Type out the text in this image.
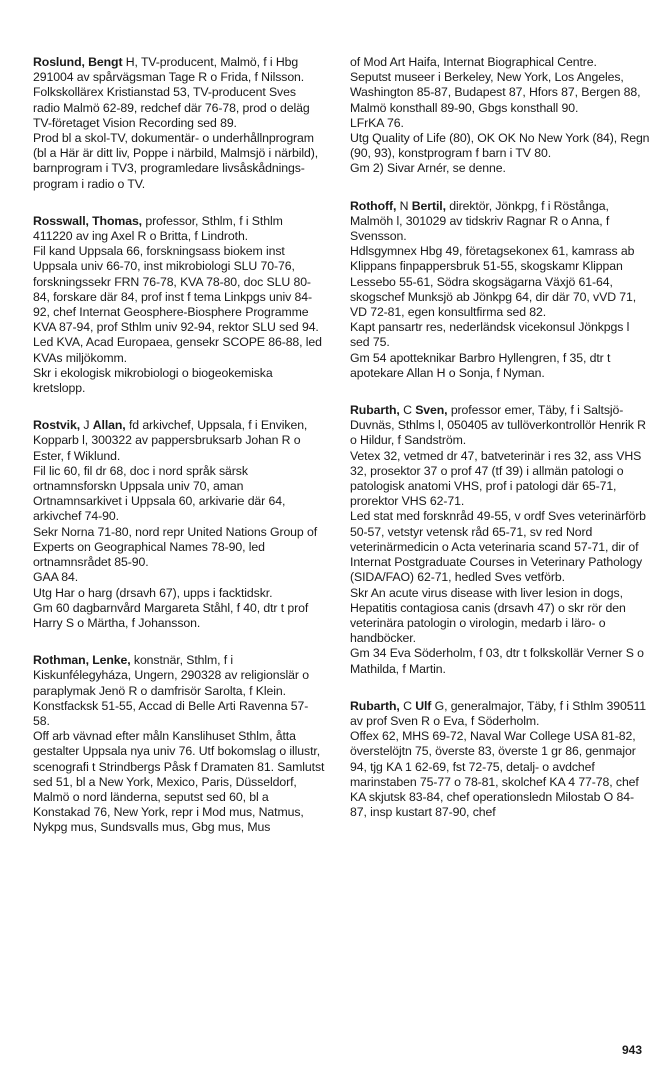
Roslund, Bengt H, TV-producent, Malmö, f i Hbg 291004 av spårvägsman Tage R o Frida, f Nilsson.

Folkskollärex Kristianstad 53, TV-producent Sves radio Malmö 62-89, redchef där 76-78, prod o deläg TV-företaget Vision Recording sed 89.

Prod bl a skol-TV, dokumentär- o underhållnprogram (bl a Här är ditt liv, Poppe i närbild, Malmsjö i närbild), barnprogram i TV3, programledare livsåskådnings-program i radio o TV.

Rosswall, Thomas, professor, Sthlm, f i Sthlm 411220 av ing Axel R o Britta, f Lindroth.

Fil kand Uppsala 66, forskningsass biokem inst Uppsala univ 66-70, inst mikrobiologi SLU 70-76, forskningssekr FRN 76-78, KVA 78-80, doc SLU 80-84, forskare där 84, prof inst f tema Linkpgs univ 84-92, chef Internat Geosphere-Biosphere Programme KVA 87-94, prof Sthlm univ 92-94, rektor SLU sed 94.

Led KVA, Acad Europaea, gensekr SCOPE 86-88, led KVAs miljökomm.

Skr i ekologisk mikrobiologi o biogeokemiska kretslopp.

Rostvik, J Allan, fd arkivchef, Uppsala, f i Enviken, Kopparb l, 300322 av pappersbruksarb Johan R o Ester, f Wiklund.

Fil lic 60, fil dr 68, doc i nord språk särsk ortnamnsforskn Uppsala univ 70, aman Ortnamnsarkivet i Uppsala 60, arkivarie där 64, arkivchef 74-90.

Sekr Norna 71-80, nord repr United Nations Group of Experts on Geographical Names 78-90, led ortnamnsrådet 85-90.

GAA 84.

Utg Har o harg (drsavh 67), upps i facktidskr.

Gm 60 dagbarnvård Margareta Ståhl, f 40, dtr t prof Harry S o Märtha, f Johansson.

Rothman, Lenke, konstnär, Sthlm, f i Kiskunfélegyháza, Ungern, 290328 av religionslär o paraplymak Jenö R o damfrisör Sarolta, f Klein.

Konstfacksk 51-55, Accad di Belle Arti Ravenna 57-58.

Off arb vävnad efter måln Kanslihuset Sthlm, åtta gestalter Uppsala nya univ 76. Utf bokomslag o illustr, scenografi t Strindbergs Påsk f Dramaten 81. Samlutst sed 51, bl a New York, Mexico, Paris, Düsseldorf, Malmö o nord länderna, seputst sed 60, bl a Konstakad 76, New York, repr i Mod mus, Natmus, Nykpg mus, Sundsvalls mus, Gbg mus, Mus

of Mod Art Haifa, Internat Biographical Centre.

Seputst museer i Berkeley, New York, Los Angeles, Washington 85-87, Budapest 87, Hfors 87, Bergen 88, Malmö konsthall 89-90, Gbgs konsthall 90.

LFrKA 76.

Utg Quality of Life (80), OK OK No New York (84), Regn (90, 93), konstprogram f barn i TV 80.

Gm 2) Sivar Arnér, se denne.

Rothoff, N Bertil, direktör, Jönkpg, f i Röstånga, Malmöh l, 301029 av tidskriv Ragnar R o Anna, f Svensson.

Hdlsgymnex Hbg 49, företagsekonex 61, kamrass ab Klippans finpappersbruk 51-55, skogskamr Klippan Lessebo 55-61, Södra skogsägarna Växjö 61-64, skogschef Munksjö ab Jönkpg 64, dir där 70, vVD 71, VD 72-81, egen konsultfirma sed 82.

Kapt pansartr res, nederländsk vicekonsul Jönkpgs l sed 75.

Gm 54 apotteknikar Barbro Hyllengren, f 35, dtr t apotekare Allan H o Sonja, f Nyman.

Rubarth, C Sven, professor emer, Täby, f i Saltsjö-Duvnäs, Sthlms l, 050405 av tullöverkontrollör Henrik R o Hildur, f Sandström.

Vetex 32, vetmed dr 47, batveterinär i res 32, ass VHS 32, prosektor 37 o prof 47 (tf 39) i allmän patologi o patologisk anatomi VHS, prof i patologi där 65-71, prorektor VHS 62-71.

Led stat med forsknråd 49-55, v ordf Sves veterinärförb 50-57, vetstyr vetensk råd 65-71, sv red Nord veterinärmedicin o Acta veterinaria scand 57-71, dir of Internat Postgraduate Courses in Veterinary Pathology (SIDA/FAO) 62-71, hedled Sves vetförb.

Skr An acute virus disease with liver lesion in dogs, Hepatitis contagiosa canis (drsavh 47) o skr rör den veterinära patologin o virologin, medarb i läro- o handböcker.

Gm 34 Eva Söderholm, f 03, dtr t folkskollär Verner S o Mathilda, f Martin.

Rubarth, C Ulf G, generalmajor, Täby, f i Sthlm 390511 av prof Sven R o Eva, f Söderholm.

Offex 62, MHS 69-72, Naval War College USA 81-82, överstelöjtn 75, överste 83, överste 1 gr 86, genmajor 94, tjg KA 1 62-69, fst 72-75, detalj- o avdchef marinstaben 75-77 o 78-81, skolchef KA 4 77-78, chef KA skjutsk 83-84, chef operationsledn Milostab O 84-87, insp kustart 87-90, chef

943
